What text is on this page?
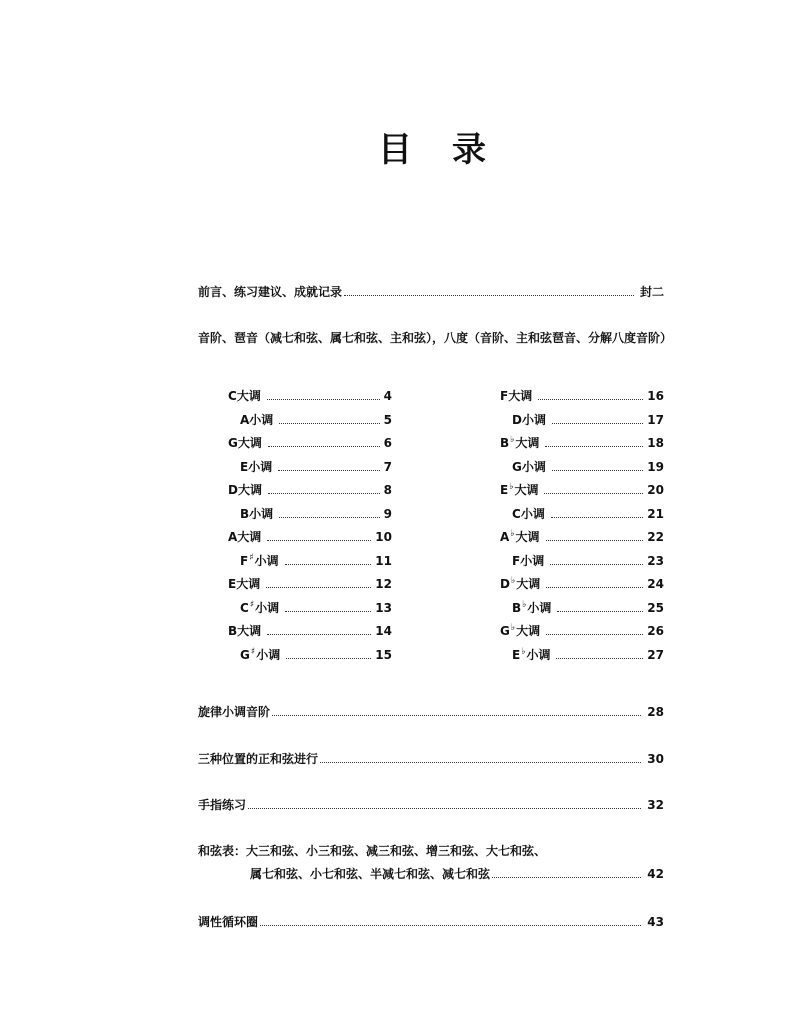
目 录
前言、练习建议、成就记录	封二
音阶、琶音（减七和弦、属七和弦、主和弦），八度（音阶、主和弦琶音、分解八度音阶）
C大调	4
A小调	5
G大调	6
E小调	7
D大调	8
B小调	9
A大调	10
F♯小调	11
E大调	12
C♯小调	13
B大调	14
G♯小调	15
F大调	16
D小调	17
B♭大调	18
G小调	19
E♭大调	20
C小调	21
A♭大调	22
F小调	23
D♭大调	24
B♭小调	25
G♭大调	26
E♭小调	27
旋律小调音阶	28
三种位置的正和弦进行	30
手指练习	32
和弦表：大三和弦、小三和弦、减三和弦、增三和弦、大七和弦、
属七和弦、小七和弦、半减七和弦、减七和弦	42
调性循环圈	43
